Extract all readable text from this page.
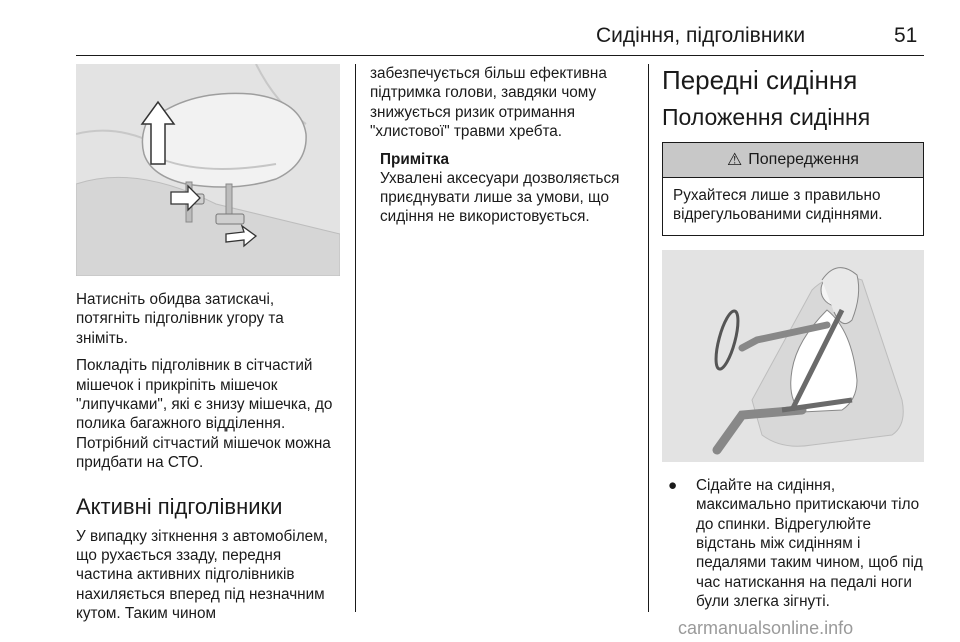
Сидіння, підголівники	51

Натисніть обидва затискачі, потягніть підголівник угору та зніміть.

Покладіть підголівник в сітчастий мішечок і прикріпіть мішечок "липучками", які є знизу мішечка, до полика багажного відділення. Потрібний сітчастий мішечок можна придбати на СТО.

Активні підголівники

У випадку зіткнення з автомобілем, що рухається ззаду, передня частина активних підголівників нахиляється вперед під незначним кутом. Таким чином

забезпечується більш ефективна підтримка голови, завдяки чому знижується ризик отримання "хлистової" травми хребта.

Примітка

Ухвалені аксесуари дозволяється приєднувати лише за умови, що сидіння не використовується.

Передні сидіння
Положення сидіння
⚠ Попередження
Рухайтеся лише з правильно відрегульованими сидіннями.
●	Сідайте на сидіння, максимально притискаючи тіло до спинки. Відрегулюйте відстань між сидінням і педалями таким чином, щоб під час натискання на педалі ноги були злегка зігнуті.
carmanualsonline.info
